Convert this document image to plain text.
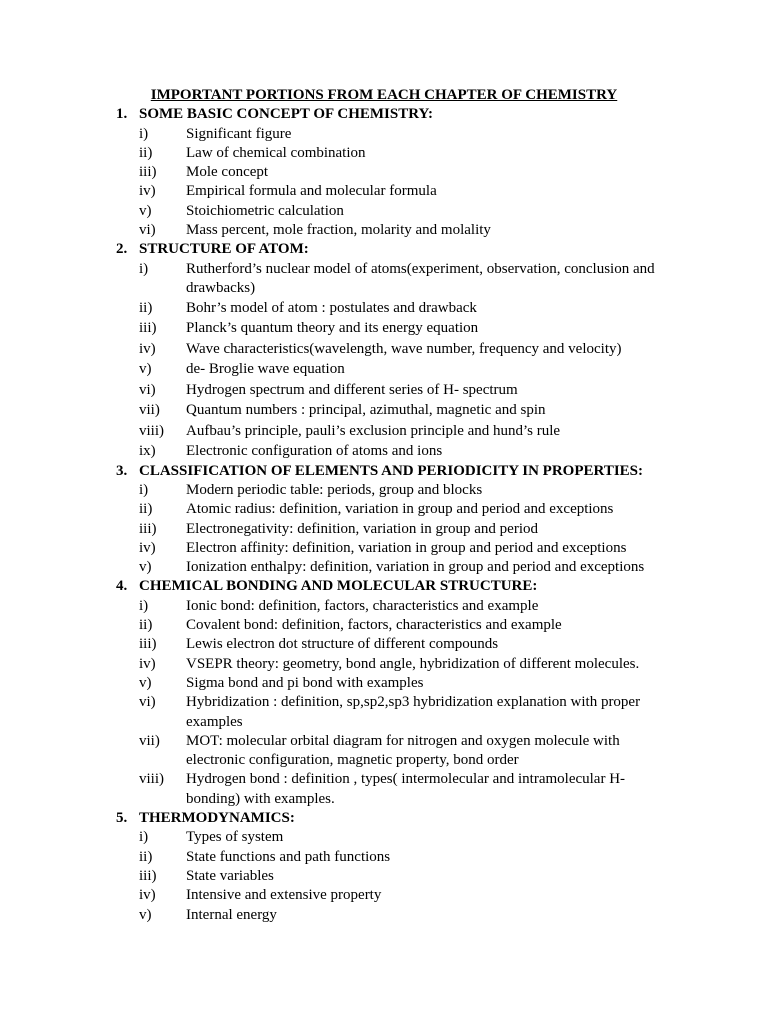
IMPORTANT PORTIONS FROM EACH CHAPTER OF CHEMISTRY
1. SOME BASIC CONCEPT OF CHEMISTRY:
i)	Significant figure
ii) Law of chemical combination
iii) Mole concept
iv) Empirical formula and molecular formula
v) Stoichiometric calculation
vi) Mass percent, mole fraction, molarity and molality
2. STRUCTURE OF ATOM:
i)	Rutherford’s nuclear model of atoms(experiment, observation, conclusion and drawbacks)
ii) Bohr’s model of atom : postulates and drawback
iii) Planck’s quantum theory and its energy equation
iv) Wave characteristics(wavelength, wave number, frequency and velocity)
v) de- Broglie wave equation
vi) Hydrogen spectrum and different series of H- spectrum
vii) Quantum numbers : principal, azimuthal, magnetic and spin
viii) Aufbau’s principle, pauli’s exclusion principle and hund’s rule
ix) Electronic configuration of atoms and ions
3. CLASSIFICATION OF ELEMENTS AND PERIODICITY IN PROPERTIES:
i)	Modern periodic table: periods, group and blocks
ii) Atomic radius: definition, variation in group and period and exceptions
iii) Electronegativity: definition, variation in group and period
iv) Electron affinity: definition, variation in group and period and exceptions
v) Ionization enthalpy: definition, variation in group and period and exceptions
4. CHEMICAL BONDING AND MOLECULAR STRUCTURE:
i)	Ionic bond: definition, factors, characteristics and example
ii) Covalent bond: definition, factors, characteristics and example
iii) Lewis electron dot structure of different compounds
iv) VSEPR theory: geometry, bond angle, hybridization of different molecules.
v) Sigma bond and pi bond with examples
vi) Hybridization : definition, sp,sp2,sp3 hybridization explanation with proper examples
vii) MOT: molecular orbital diagram for nitrogen and oxygen molecule with electronic configuration, magnetic property, bond order
viii) Hydrogen bond : definition , types( intermolecular and intramolecular H-bonding) with examples.
5. THERMODYNAMICS:
i)	Types of system
ii) State functions and path functions
iii) State variables
iv) Intensive and extensive property
v) Internal energy
